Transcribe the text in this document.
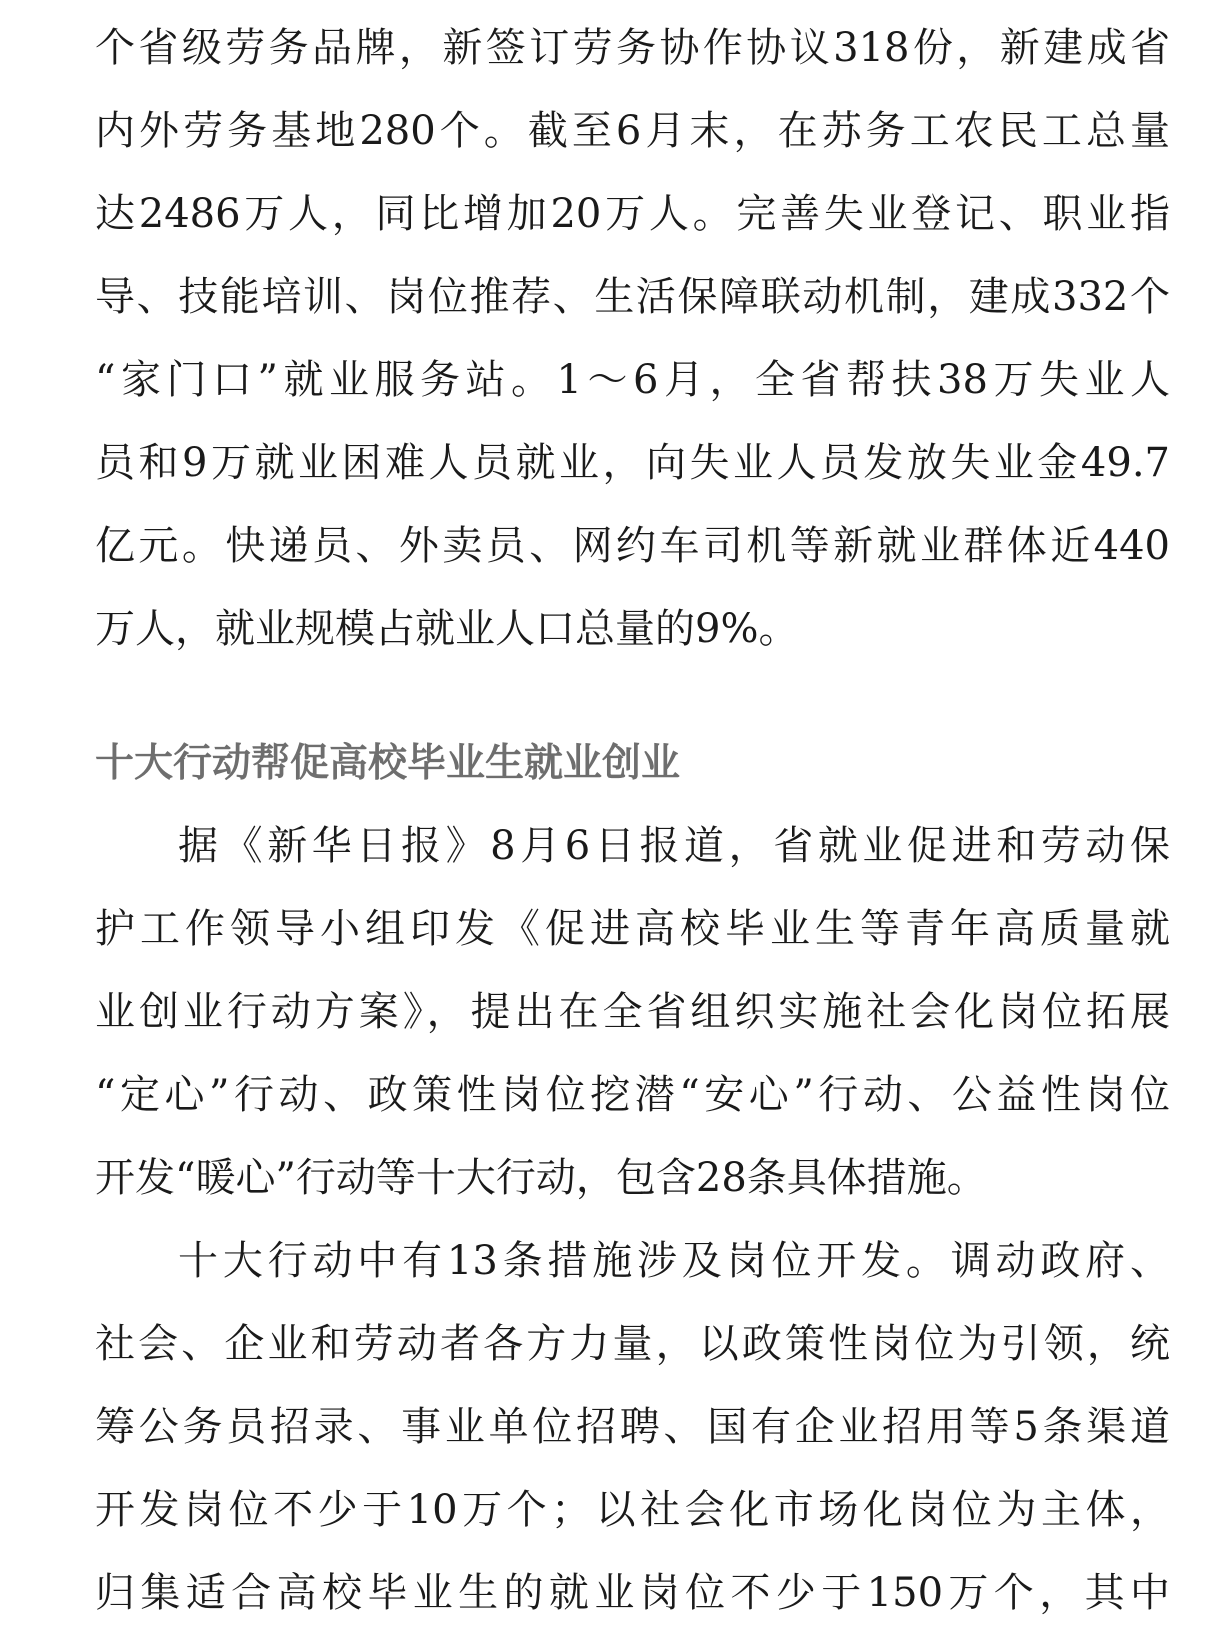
个省级劳务品牌，新签订劳务协作协议318份，新建成省
内外劳务基地280个。截至6月末，在苏务工农民工总量
达2486万人，同比增加20万人。完善失业登记、职业指
导、技能培训、岗位推荐、生活保障联动机制，建成332个
“家门口”就业服务站。1～6月，全省帮扶38万失业人
员和9万就业困难人员就业，向失业人员发放失业金49.7
亿元。快递员、外卖员、网约车司机等新就业群体近440
万人，就业规模占就业人口总量的9%。
十大行动帮促高校毕业生就业创业
据《新华日报》8月6日报道，省就业促进和劳动保
护工作领导小组印发《促进高校毕业生等青年高质量就
业创业行动方案》，提出在全省组织实施社会化岗位拓展
“定心”行动、政策性岗位挖潜“安心”行动、公益性岗位
开发“暖心”行动等十大行动，包含28条具体措施。
十大行动中有13条措施涉及岗位开发。调动政府、
社会、企业和劳动者各方力量，以政策性岗位为引领，统
筹公务员招录、事业单位招聘、国有企业招用等5条渠道
开发岗位不少于10万个；以社会化市场化岗位为主体，
归集适合高校毕业生的就业岗位不少于150万个，其中
